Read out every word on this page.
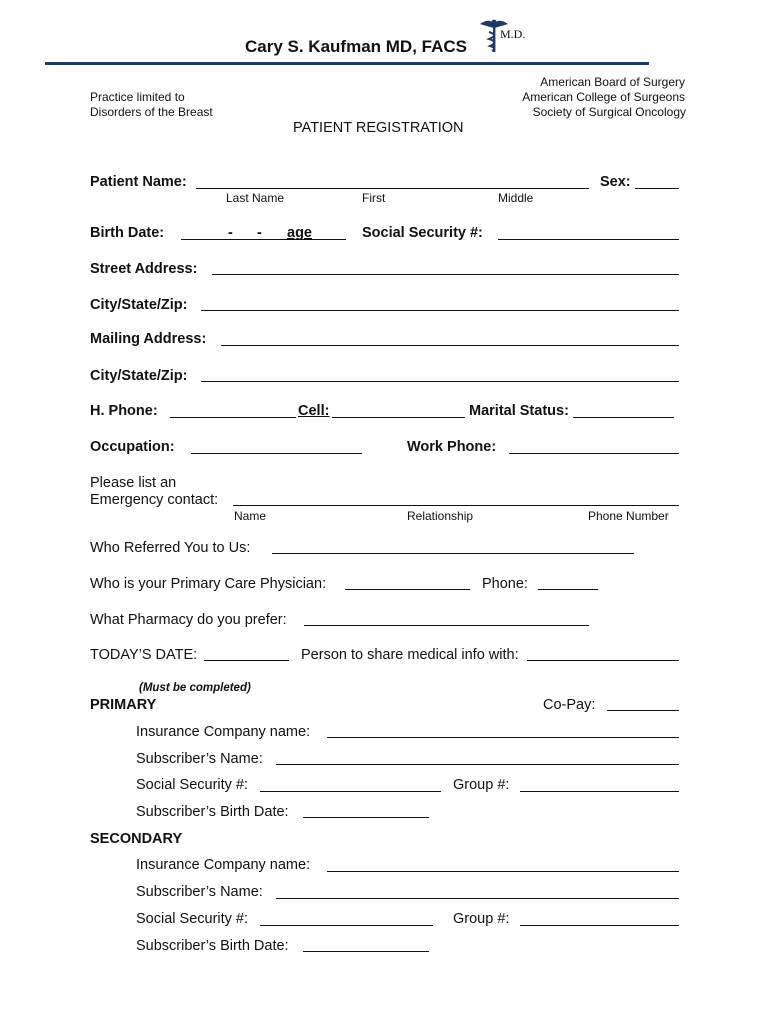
Cary S. Kaufman MD, FACS
M.D.
Practice limited to
Disorders of the Breast
American Board of Surgery
American College of Surgeons
Society of Surgical Oncology
PATIENT REGISTRATION
Patient Name:	Sex:
Last Name	First	Middle
Birth Date:	-      - age	Social Security #:
Street Address:
City/State/Zip:
Mailing Address:
City/State/Zip:
H. Phone:	Cell:	Marital Status:
Occupation:	Work Phone:
Please list an
Emergency contact:
Name	Relationship	Phone Number
Who Referred You to Us:
Who is your Primary Care Physician:	Phone:
What Pharmacy do you prefer:
TODAY’S DATE:	Person to share medical info with:
(Must be completed)
PRIMARY	Co-Pay:
Insurance Company name:
Subscriber’s Name:
Social Security #:	Group #:
Subscriber’s Birth Date:
SECONDARY
Insurance Company name:
Subscriber’s Name:
Social Security #:	Group #:
Subscriber’s Birth Date:
